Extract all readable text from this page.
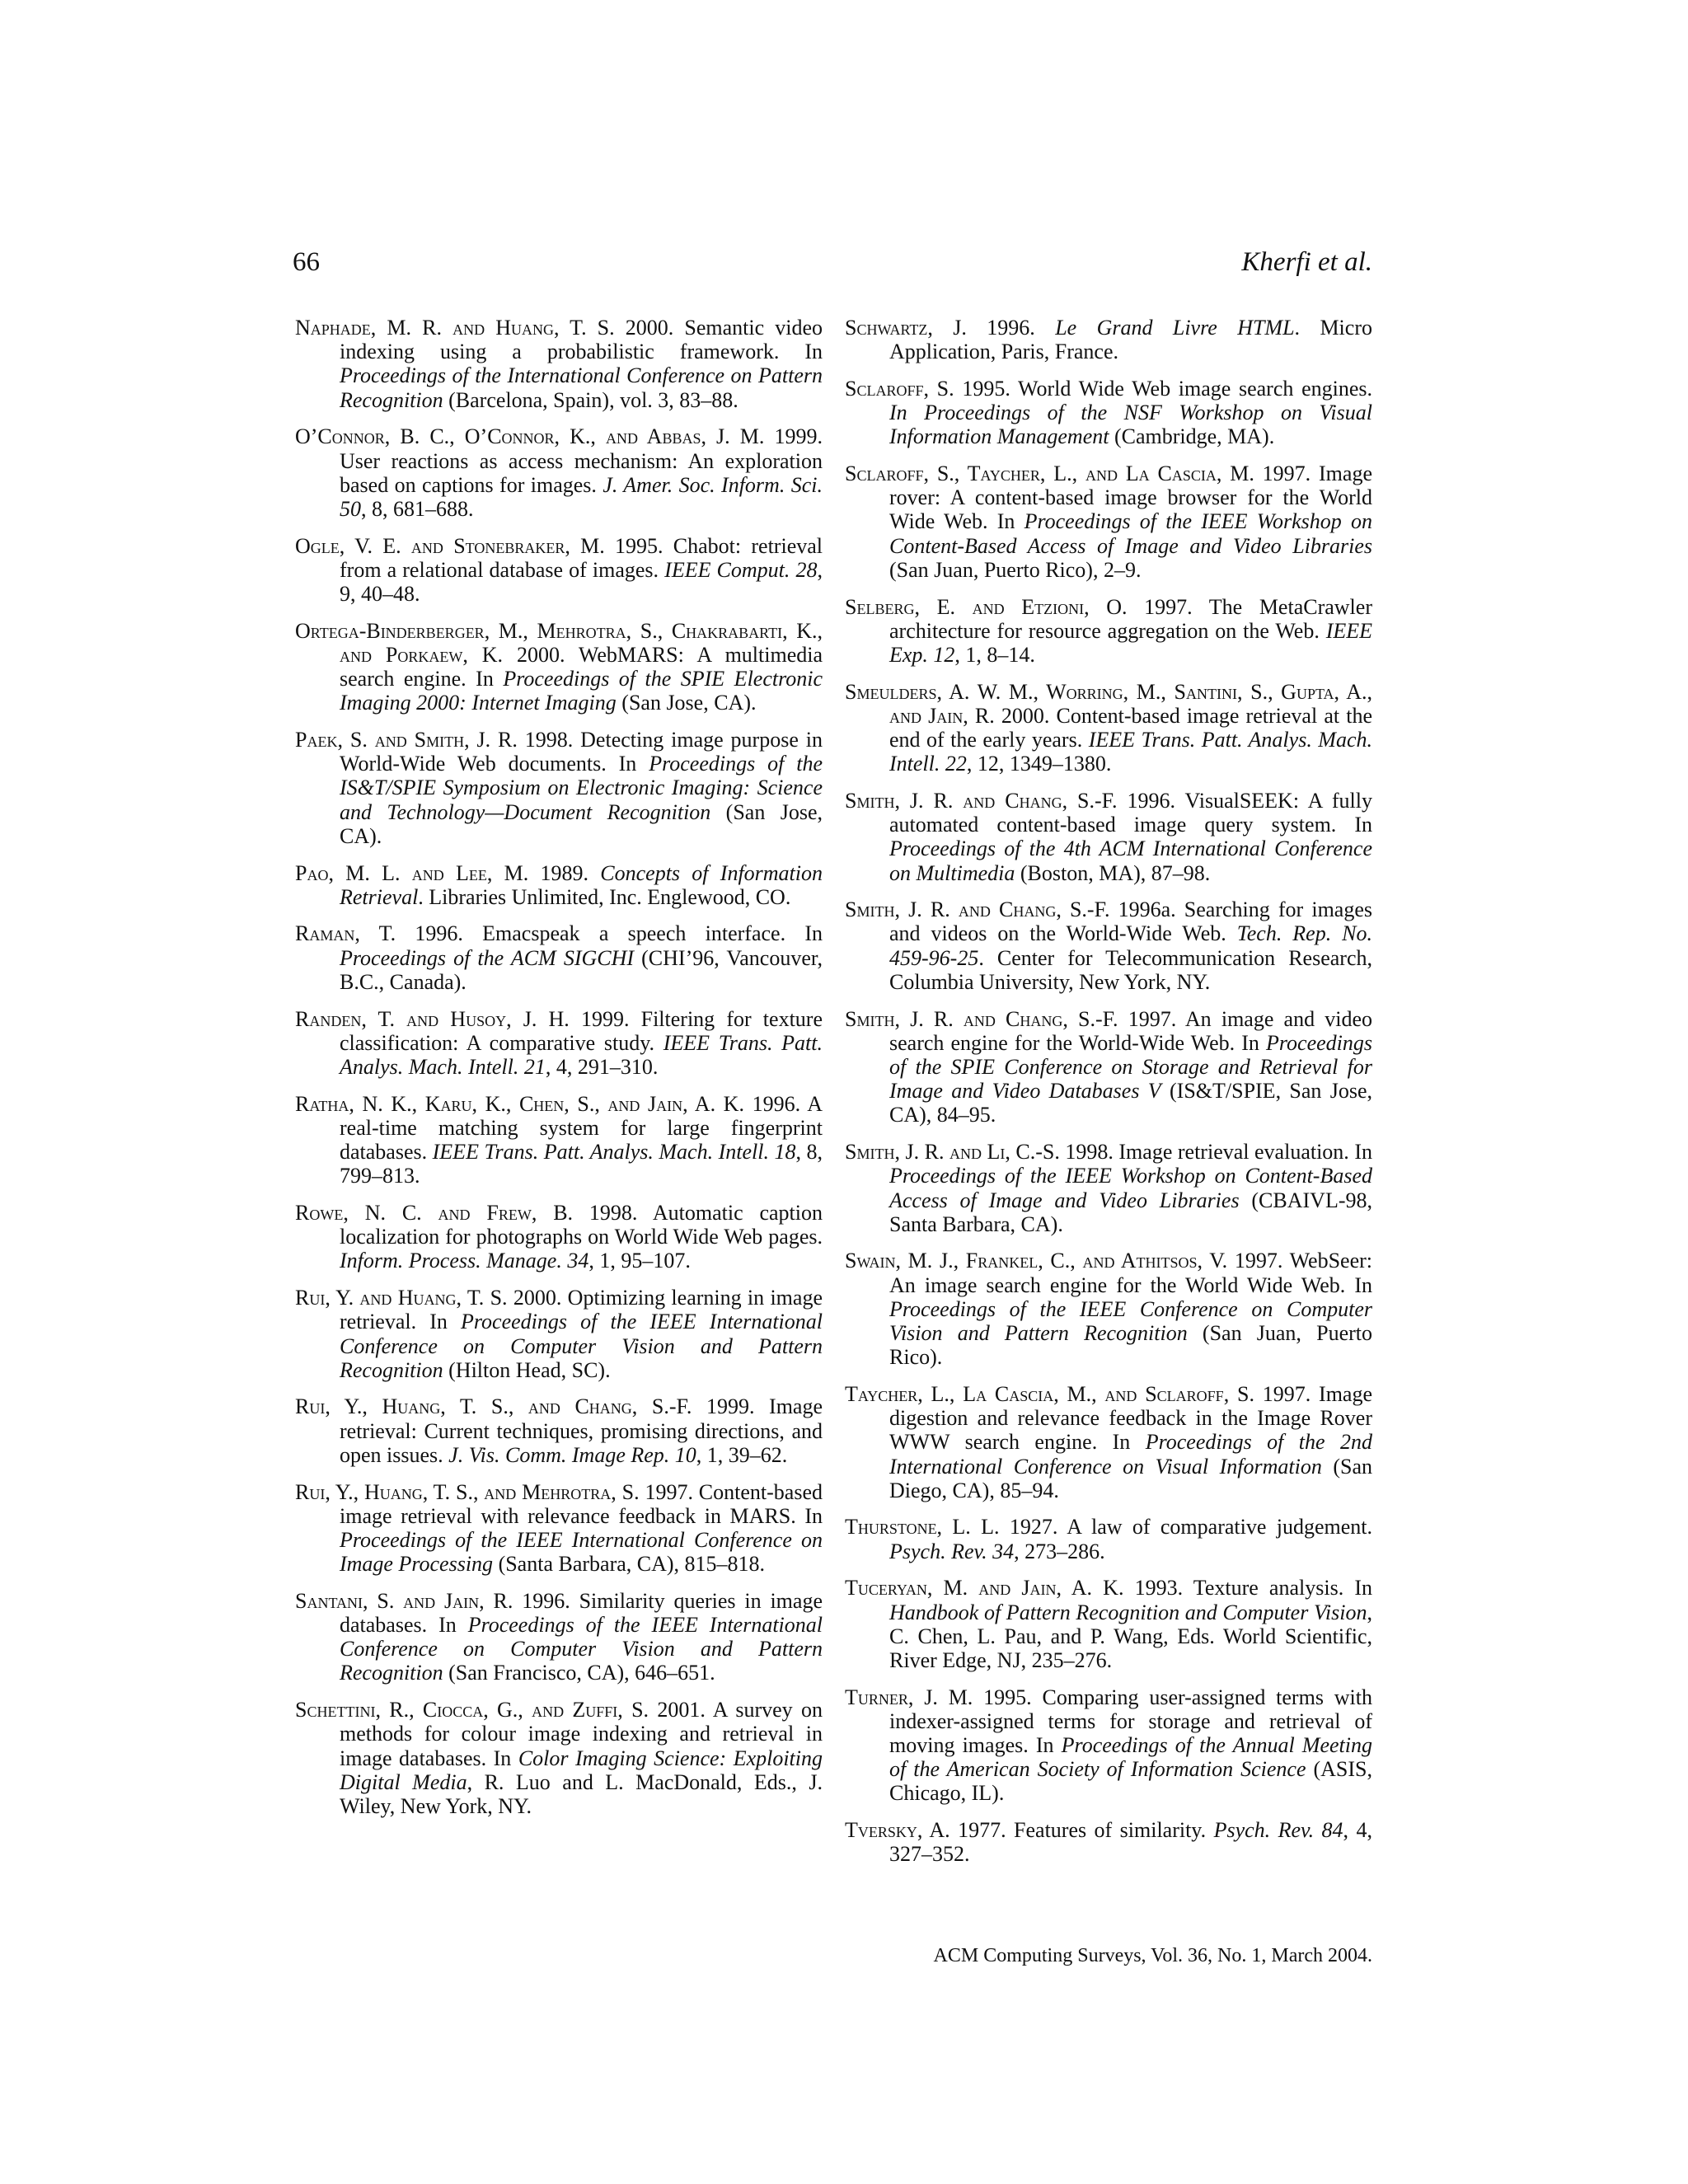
66	Kherfi et al.

Naphade, M. R. and Huang, T. S. 2000. Semantic video indexing using a probabilistic framework. In Proceedings of the International Conference on Pattern Recognition (Barcelona, Spain), vol. 3, 83–88.

O’Connor, B. C., O’Connor, K., and Abbas, J. M. 1999. User reactions as access mechanism: An exploration based on captions for images. J. Amer. Soc. Inform. Sci. 50, 8, 681–688.

Ogle, V. E. and Stonebraker, M. 1995. Chabot: retrieval from a relational database of images. IEEE Comput. 28, 9, 40–48.

Ortega-Binderberger, M., Mehrotra, S., Chakrabarti, K., and Porkaew, K. 2000. WebMARS: A multimedia search engine. In Proceedings of the SPIE Electronic Imaging 2000: Internet Imaging (San Jose, CA).

Paek, S. and Smith, J. R. 1998. Detecting image purpose in World-Wide Web documents. In Proceedings of the IS&T/SPIE Symposium on Electronic Imaging: Science and Technology—Document Recognition (San Jose, CA).

Pao, M. L. and Lee, M. 1989. Concepts of Information Retrieval. Libraries Unlimited, Inc. Englewood, CO.

Raman, T. 1996. Emacspeak a speech interface. In Proceedings of the ACM SIGCHI (CHI’96, Vancouver, B.C., Canada).

Randen, T. and Husoy, J. H. 1999. Filtering for texture classification: A comparative study. IEEE Trans. Patt. Analys. Mach. Intell. 21, 4, 291–310.

Ratha, N. K., Karu, K., Chen, S., and Jain, A. K. 1996. A real-time matching system for large fingerprint databases. IEEE Trans. Patt. Analys. Mach. Intell. 18, 8, 799–813.

Rowe, N. C. and Frew, B. 1998. Automatic caption localization for photographs on World Wide Web pages. Inform. Process. Manage. 34, 1, 95–107.

Rui, Y. and Huang, T. S. 2000. Optimizing learning in image retrieval. In Proceedings of the IEEE International Conference on Computer Vision and Pattern Recognition (Hilton Head, SC).

Rui, Y., Huang, T. S., and Chang, S.-F. 1999. Image retrieval: Current techniques, promising directions, and open issues. J. Vis. Comm. Image Rep. 10, 1, 39–62.

Rui, Y., Huang, T. S., and Mehrotra, S. 1997. Content-based image retrieval with relevance feedback in MARS. In Proceedings of the IEEE International Conference on Image Processing (Santa Barbara, CA), 815–818.

Santani, S. and Jain, R. 1996. Similarity queries in image databases. In Proceedings of the IEEE International Conference on Computer Vision and Pattern Recognition (San Francisco, CA), 646–651.

Schettini, R., Ciocca, G., and Zuffi, S. 2001. A survey on methods for colour image indexing and retrieval in image databases. In Color Imaging Science: Exploiting Digital Media, R. Luo and L. MacDonald, Eds., J. Wiley, New York, NY.

Schwartz, J. 1996. Le Grand Livre HTML. Micro Application, Paris, France.

Sclaroff, S. 1995. World Wide Web image search engines. In Proceedings of the NSF Workshop on Visual Information Management (Cambridge, MA).

Sclaroff, S., Taycher, L., and La Cascia, M. 1997. Image rover: A content-based image browser for the World Wide Web. In Proceedings of the IEEE Workshop on Content-Based Access of Image and Video Libraries (San Juan, Puerto Rico), 2–9.

Selberg, E. and Etzioni, O. 1997. The MetaCrawler architecture for resource aggregation on the Web. IEEE Exp. 12, 1, 8–14.

Smeulders, A. W. M., Worring, M., Santini, S., Gupta, A., and Jain, R. 2000. Content-based image retrieval at the end of the early years. IEEE Trans. Patt. Analys. Mach. Intell. 22, 12, 1349–1380.

Smith, J. R. and Chang, S.-F. 1996. VisualSEEK: A fully automated content-based image query system. In Proceedings of the 4th ACM International Conference on Multimedia (Boston, MA), 87–98.

Smith, J. R. and Chang, S.-F. 1996a. Searching for images and videos on the World-Wide Web. Tech. Rep. No. 459-96-25. Center for Telecommunication Research, Columbia University, New York, NY.

Smith, J. R. and Chang, S.-F. 1997. An image and video search engine for the World-Wide Web. In Proceedings of the SPIE Conference on Storage and Retrieval for Image and Video Databases V (IS&T/SPIE, San Jose, CA), 84–95.

Smith, J. R. and Li, C.-S. 1998. Image retrieval evaluation. In Proceedings of the IEEE Workshop on Content-Based Access of Image and Video Libraries (CBAIVL-98, Santa Barbara, CA).

Swain, M. J., Frankel, C., and Athitsos, V. 1997. WebSeer: An image search engine for the World Wide Web. In Proceedings of the IEEE Conference on Computer Vision and Pattern Recognition (San Juan, Puerto Rico).

Taycher, L., La Cascia, M., and Sclaroff, S. 1997. Image digestion and relevance feedback in the Image Rover WWW search engine. In Proceedings of the 2nd International Conference on Visual Information (San Diego, CA), 85–94.

Thurstone, L. L. 1927. A law of comparative judgement. Psych. Rev. 34, 273–286.

Tuceryan, M. and Jain, A. K. 1993. Texture analysis. In Handbook of Pattern Recognition and Computer Vision, C. Chen, L. Pau, and P. Wang, Eds. World Scientific, River Edge, NJ, 235–276.

Turner, J. M. 1995. Comparing user-assigned terms with indexer-assigned terms for storage and retrieval of moving images. In Proceedings of the Annual Meeting of the American Society of Information Science (ASIS, Chicago, IL).

Tversky, A. 1977. Features of similarity. Psych. Rev. 84, 4, 327–352.

ACM Computing Surveys, Vol. 36, No. 1, March 2004.
